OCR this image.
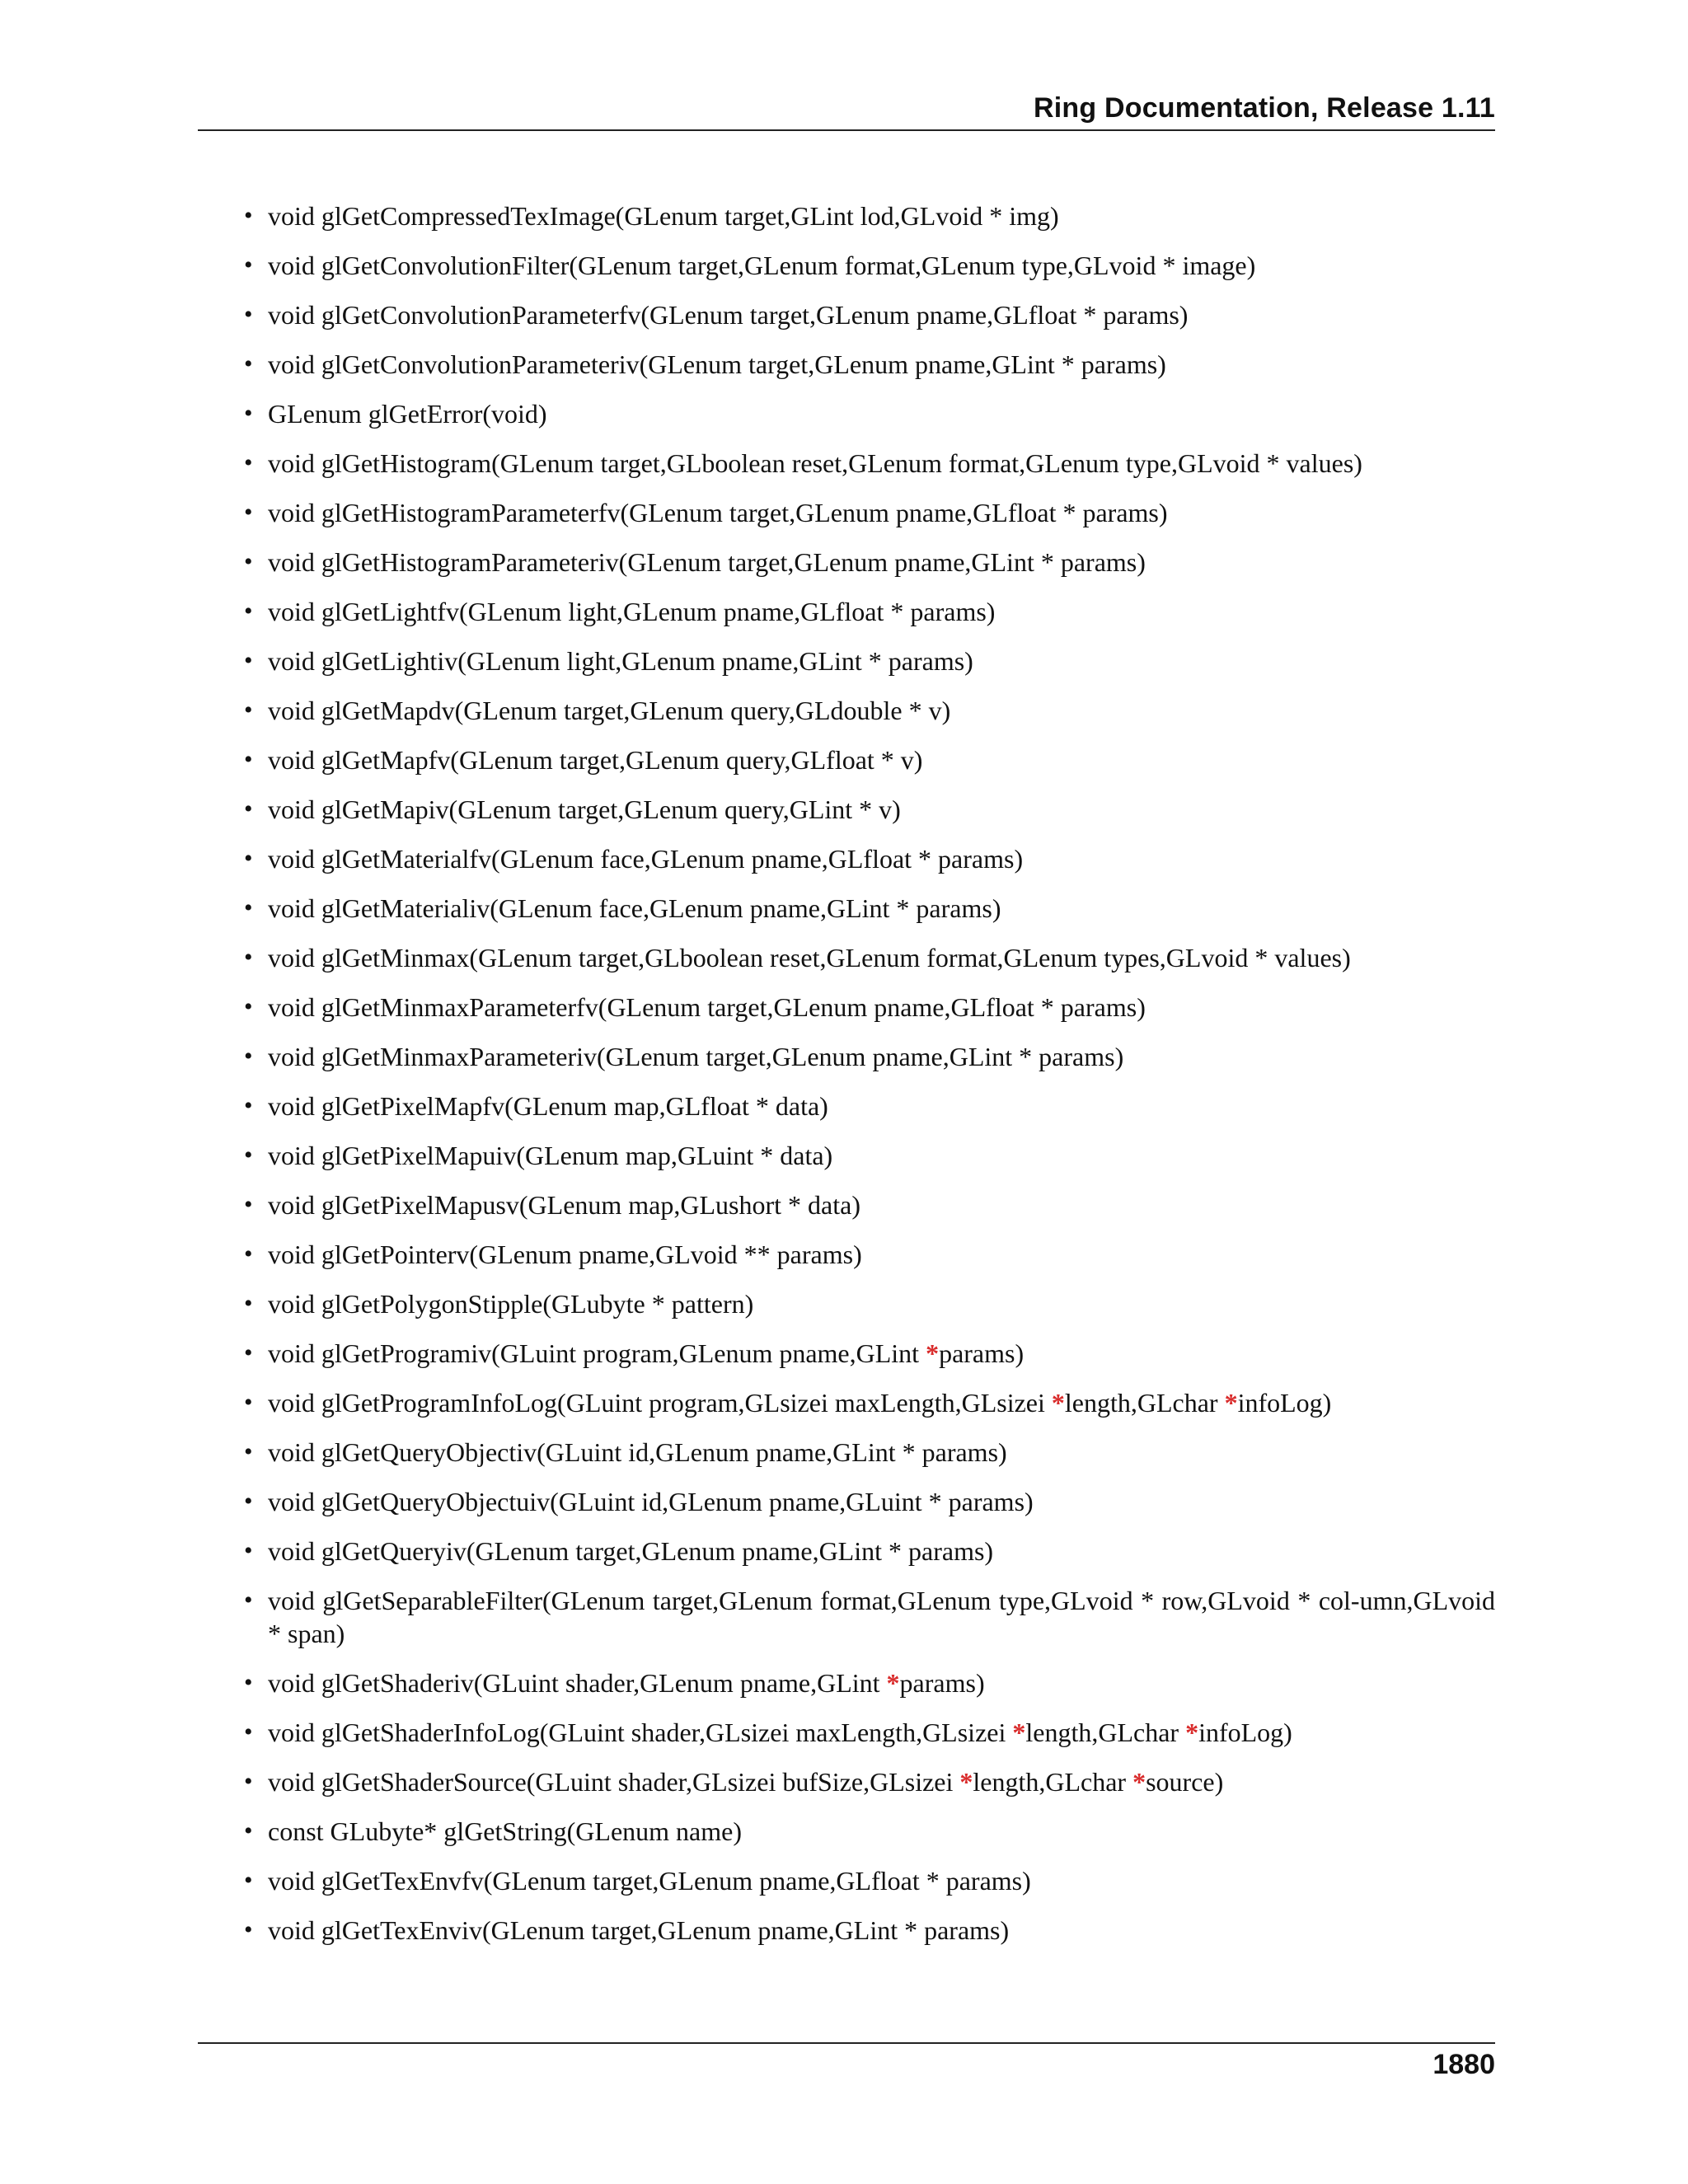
Ring Documentation, Release 1.11
• void glGetCompressedTexImage(GLenum target,GLint lod,GLvoid * img)
• void glGetConvolutionFilter(GLenum target,GLenum format,GLenum type,GLvoid * image)
• void glGetConvolutionParameterfv(GLenum target,GLenum pname,GLfloat * params)
• void glGetConvolutionParameteriv(GLenum target,GLenum pname,GLint * params)
• GLenum glGetError(void)
• void glGetHistogram(GLenum target,GLboolean reset,GLenum format,GLenum type,GLvoid * values)
• void glGetHistogramParameterfv(GLenum target,GLenum pname,GLfloat * params)
• void glGetHistogramParameteriv(GLenum target,GLenum pname,GLint * params)
• void glGetLightfv(GLenum light,GLenum pname,GLfloat * params)
• void glGetLightiv(GLenum light,GLenum pname,GLint * params)
• void glGetMapdv(GLenum target,GLenum query,GLdouble * v)
• void glGetMapfv(GLenum target,GLenum query,GLfloat * v)
• void glGetMapiv(GLenum target,GLenum query,GLint * v)
• void glGetMaterialfv(GLenum face,GLenum pname,GLfloat * params)
• void glGetMaterialiv(GLenum face,GLenum pname,GLint * params)
• void glGetMinmax(GLenum target,GLboolean reset,GLenum format,GLenum types,GLvoid * values)
• void glGetMinmaxParameterfv(GLenum target,GLenum pname,GLfloat * params)
• void glGetMinmaxParameteriv(GLenum target,GLenum pname,GLint * params)
• void glGetPixelMapfv(GLenum map,GLfloat * data)
• void glGetPixelMapuiv(GLenum map,GLuint * data)
• void glGetPixelMapusv(GLenum map,GLushort * data)
• void glGetPointerv(GLenum pname,GLvoid ** params)
• void glGetPolygonStipple(GLubyte * pattern)
• void glGetProgramiv(GLuint program,GLenum pname,GLint *params)
• void glGetProgramInfoLog(GLuint program,GLsizei maxLength,GLsizei *length,GLchar *infoLog)
• void glGetQueryObjectiv(GLuint id,GLenum pname,GLint * params)
• void glGetQueryObjectuiv(GLuint id,GLenum pname,GLuint * params)
• void glGetQueryiv(GLenum target,GLenum pname,GLint * params)
• void glGetSeparableFilter(GLenum target,GLenum format,GLenum type,GLvoid * row,GLvoid * col-umn,GLvoid * span)
• void glGetShaderiv(GLuint shader,GLenum pname,GLint *params)
• void glGetShaderInfoLog(GLuint shader,GLsizei maxLength,GLsizei *length,GLchar *infoLog)
• void glGetShaderSource(GLuint shader,GLsizei bufSize,GLsizei *length,GLchar *source)
• const GLubyte* glGetString(GLenum name)
• void glGetTexEnvfv(GLenum target,GLenum pname,GLfloat * params)
• void glGetTexEnviv(GLenum target,GLenum pname,GLint * params)
1880
